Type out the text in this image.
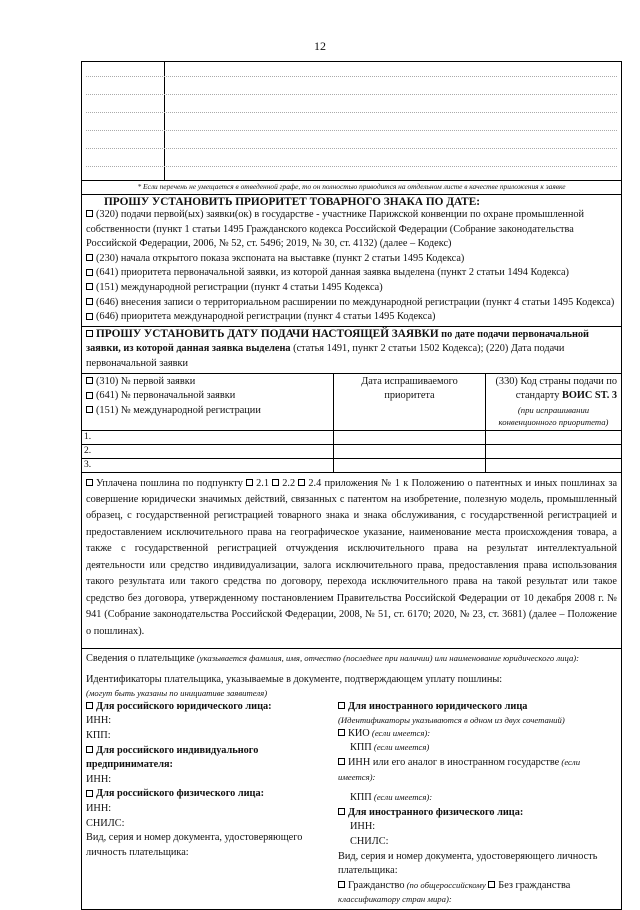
12
* Если перечень не умещается в отведенной графе, то он полностью приводится на отдельном листе в качестве приложения к заявке
ПРОШУ УСТАНОВИТЬ ПРИОРИТЕТ ТОВАРНОГО ЗНАКА ПО ДАТЕ:
(320) подачи первой(ых) заявки(ок) в государстве - участнике Парижской конвенции по охране промышленной собственности (пункт 1 статьи 1495 Гражданского кодекса Российской Федерации (Собрание законодательства Российской Федерации, 2006, № 52, ст. 5496; 2019, № 30, ст. 4132) (далее – Кодекс)
(230) начала открытого показа экспоната на выставке (пункт 2 статьи 1495 Кодекса)
(641) приоритета первоначальной заявки, из которой данная заявка выделена (пункт 2 статьи 1494 Кодекса)
(151) международной регистрации (пункт 4 статьи 1495 Кодекса)
(646) внесения записи о территориальном расширении по международной регистрации (пункт 4 статьи 1495 Кодекса)
(646) приоритета международной регистрации (пункт 4 статьи 1495 Кодекса)
ПРОШУ УСТАНОВИТЬ ДАТУ ПОДАЧИ НАСТОЯЩЕЙ ЗАЯВКИ по дате подачи первоначальной заявки, из которой данная заявка выделена (статья 1491, пункт 2 статьи 1502 Кодекса); (220) Дата подачи первоначальной заявки
(310) № первой заявки
(641) № первоначальной заявки
(151) № международной регистрации
Дата испрашиваемого приоритета
(330) Код страны подачи по стандарту ВОИС ST. 3
(при испрашивании конвенционного приоритета)
1.
2.
3.
Уплачена пошлина по подпункту 2.1 2.2 2.4 приложения № 1 к Положению о патентных и иных пошлинах за совершение юридически значимых действий, связанных с патентом на изобретение, полезную модель, промышленный образец, с государственной регистрацией товарного знака и знака обслуживания, с государственной регистрацией и предоставлением исключительного права на географическое указание, наименование места происхождения товара, а также с государственной регистрацией отчуждения исключительного права на результат интеллектуальной деятельности или средство индивидуализации, залога исключительного права, предоставления права использования такого результата или такого средства по договору, перехода исключительного права на такой результат или такое средство без договора, утвержденному постановлением Правительства Российской Федерации от 10 декабря 2008 г. № 941 (Собрание законодательства Российской Федерации, 2008, № 51, ст. 6170; 2020, № 23, ст. 3681) (далее – Положение о пошлинах).
Сведения о плательщике (указывается фамилия, имя, отчество (последнее при наличии) или наименование юридического лица):
Идентификаторы плательщика, указываемые в документе, подтверждающем уплату пошлины:
(могут быть указаны по инициативе заявителя)
Для российского юридического лица:
ИНН:
КПП:
Для российского индивидуального предпринимателя:
ИНН:
Для российского физического лица:
ИНН:
СНИЛС:
Вид, серия и номер документа, удостоверяющего личность плательщика:
Для иностранного юридического лица
(Идентификаторы указываются в одном из двух сочетаний)
КИО (если имеется):
КПП (если имеется)
ИНН или его аналог в иностранном государстве (если имеется):
КПП (если имеется):
Для иностранного физического лица:
ИНН:
СНИЛС:
Вид, серия и номер документа, удостоверяющего личность плательщика:
Гражданство (по общероссийскому Без гражданства
классификатору стран мира):
